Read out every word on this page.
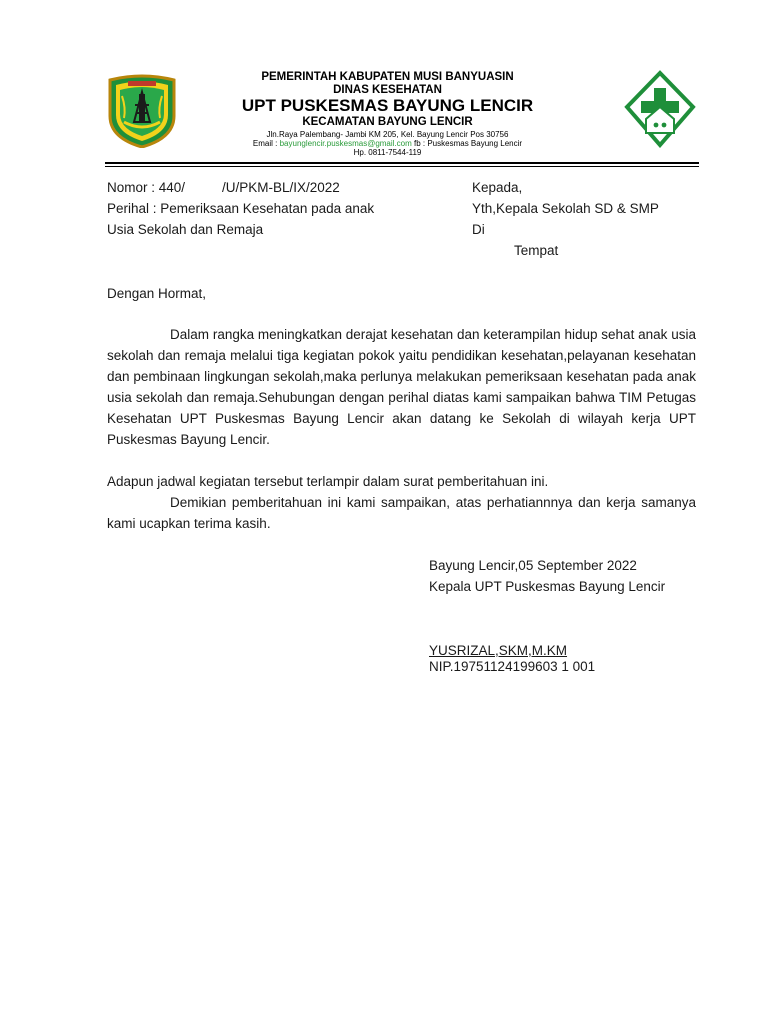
PEMERINTAH KABUPATEN MUSI BANYUASIN
DINAS KESEHATAN
UPT PUSKESMAS BAYUNG LENCIR
KECAMATAN BAYUNG LENCIR
Jln.Raya Palembang- Jambi KM 205, Kel. Bayung Lencir Pos 30756
Email : bayunglencir.puskesmas@gmail.com fb : Puskesmas Bayung Lencir
Hp. 0811-7544-119
Nomor : 440/	/U/PKM-BL/IX/2022
Perihal : Pemeriksaan Kesehatan pada anak
Usia Sekolah dan Remaja
Kepada,
Yth,Kepala Sekolah SD & SMP
Di
Tempat
Dengan Hormat,
Dalam rangka meningkatkan derajat kesehatan dan keterampilan hidup sehat anak usia sekolah dan remaja melalui tiga kegiatan pokok yaitu pendidikan kesehatan,pelayanan kesehatan dan pembinaan lingkungan sekolah,maka perlunya melakukan pemeriksaan kesehatan pada anak usia sekolah dan remaja.Sehubungan dengan perihal diatas kami sampaikan bahwa TIM Petugas Kesehatan UPT Puskesmas Bayung Lencir akan datang ke Sekolah di wilayah kerja UPT Puskesmas Bayung Lencir.
Adapun jadwal kegiatan tersebut terlampir dalam surat pemberitahuan ini.
Demikian pemberitahuan ini kami sampaikan, atas perhatiannnya dan kerja samanya kami ucapkan terima kasih.
Bayung Lencir,05 September 2022
Kepala UPT Puskesmas Bayung Lencir
YUSRIZAL,SKM,M.KM
NIP.19751124199603 1 001
